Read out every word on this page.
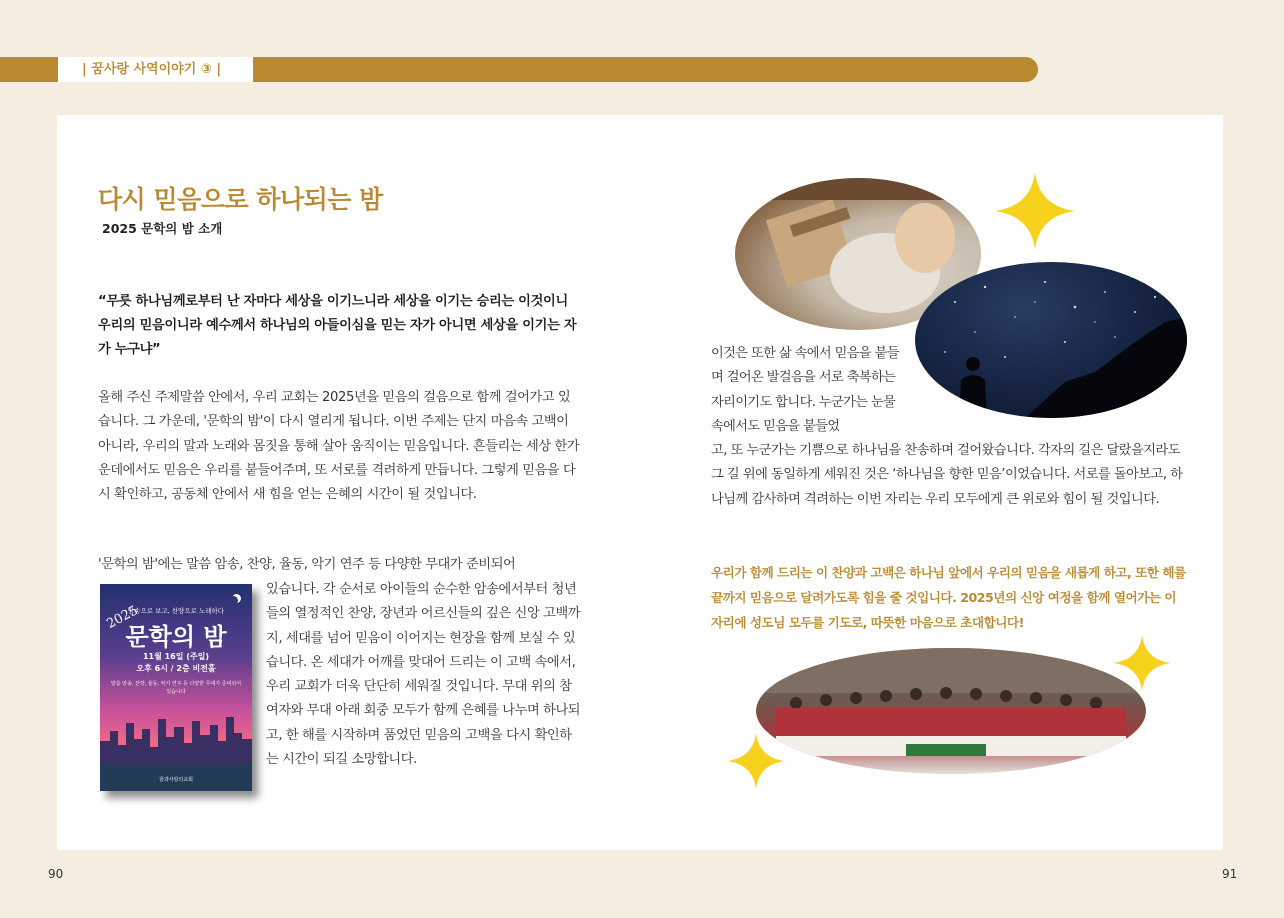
| 꿈사랑 사역이야기 ③ |
다시 믿음으로 하나되는 밤
2025 문학의 밤 소개

“무릇 하나님께로부터 난 자마다 세상을 이기느니라 세상을 이기는 승리는 이것이니 우리의 믿음이니라 예수께서 하나님의 아들이심을 믿는 자가 아니면 세상을 이기는 자가 누구냐”

올해 주신 주제말씀 안에서, 우리 교회는 2025년을 믿음의 걸음으로 함께 걸어가고 있습니다. 그 가운데, '문학의 밤'이 다시 열리게 됩니다. 이번 주제는 단지 마음속 고백이 아니라, 우리의 말과 노래와 몸짓을 통해 살아 움직이는 믿음입니다. 흔들리는 세상 한가운데에서도 믿음은 우리를 붙들어주며, 또 서로를 격려하게 만듭니다. 그렇게 믿음을 다시 확인하고, 공동체 안에서 새 힘을 얻는 은혜의 시간이 될 것입니다.

'문학의 밤'에는 말씀 암송, 찬양, 율동, 악기 연주 등 다양한 무대가 준비되어

있습니다. 각 순서로 아이들의 순수한 암송에서부터 청년들의 열정적인 찬양, 장년과 어르신들의 깊은 신앙 고백까지, 세대를 넘어 믿음이 이어지는 현장을 함께 보실 수 있습니다. 온 세대가 어깨를 맞대어 드리는 이 고백 속에서, 우리 교회가 더욱 단단히 세워질 것입니다. 무대 위의 참여자와 무대 아래 회중 모두가 함께 은혜를 나누며 하나되고, 한 해를 시작하며 품었던 믿음의 고백을 다시 확인하는 시간이 되길 소망합니다.

암송으로 보고, 찬양으로 노래하다
2025
문학의 밤
11월 16일 (주일)
오후 6시 / 2층 비전홀
말씀 암송, 찬양, 율동, 악기 연주 등 다양한 무대가 준비되어 있습니다
꿈과사랑의교회

이것은 또한 삶 속에서 믿음을 붙들며 걸어온 발걸음을 서로 축복하는 자리이기도 합니다. 누군가는 눈물 속에서도 믿음을 붙들었

고, 또 누군가는 기쁨으로 하나님을 찬송하며 걸어왔습니다. 각자의 길은 달랐을지라도 그 길 위에 동일하게 세워진 것은 ‘하나님을 향한 믿음’이었습니다. 서로를 돌아보고, 하나님께 감사하며 격려하는 이번 자리는 우리 모두에게 큰 위로와 힘이 될 것입니다.

우리가 함께 드리는 이 찬양과 고백은 하나님 앞에서 우리의 믿음을 새롭게 하고, 또한 해를 끝까지 믿음으로 달려가도록 힘을 줄 것입니다. 2025년의 신앙 여정을 함께 열어가는 이 자리에 성도님 모두를 기도로, 따뜻한 마음으로 초대합니다!

90	91
